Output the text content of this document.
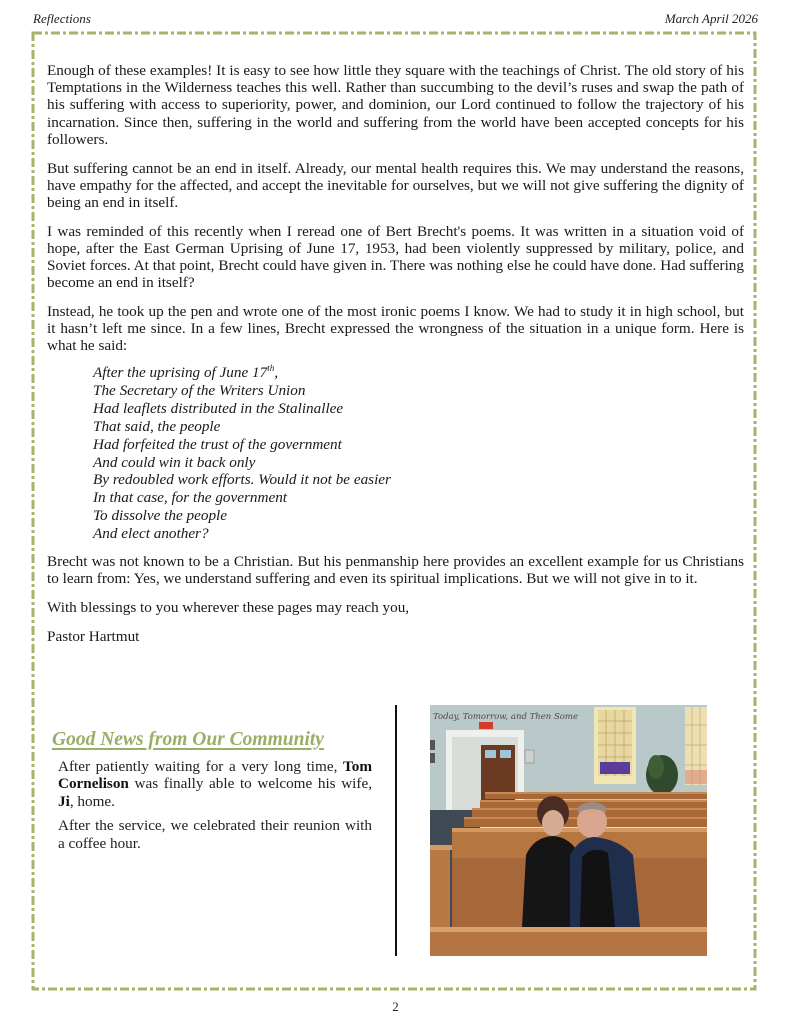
Reflections	March April 2026

Enough of these examples! It is easy to see how little they square with the teachings of Christ. The old story of his Temptations in the Wilderness teaches this well. Rather than succumbing to the devil’s ruses and swap the path of his suffering with access to superiority, power, and dominion, our Lord continued to follow the trajectory of his incarnation. Since then, suffering in the world and suffering from the world have been accepted concepts for his followers.

But suffering cannot be an end in itself. Already, our mental health requires this. We may understand the reasons, have empathy for the affected, and accept the inevitable for ourselves, but we will not give suffering the dignity of being an end in itself.

I was reminded of this recently when I reread one of Bert Brecht's poems. It was written in a situation void of hope, after the East German Uprising of June 17, 1953, had been violently suppressed by military, police, and Soviet forces. At that point, Brecht could have given in. There was nothing else he could have done. Had suffering become an end in itself?

Instead, he took up the pen and wrote one of the most ironic poems I know. We had to study it in high school, but it hasn’t left me since. In a few lines, Brecht expressed the wrongness of the situation in a unique form. Here is what he said:

After the uprising of June 17th,
The Secretary of the Writers Union
Had leaflets distributed in the Stalinallee
That said, the people
Had forfeited the trust of the government
And could win it back only
By redoubled work efforts. Would it not be easier
In that case, for the government
To dissolve the people
And elect another?

Brecht was not known to be a Christian. But his penmanship here provides an excellent example for us Christians to learn from: Yes, we understand suffering and even its spiritual implications. But we will not give in to it.

With blessings to you wherever these pages may reach you,

Pastor Hartmut

Good News from Our Community

After patiently waiting for a very long time, Tom Cornelison was finally able to welcome his wife, Ji, home.

After the service, we celebrated their reunion with a coffee hour.

Today, Tomorrow, and Then Some
2
